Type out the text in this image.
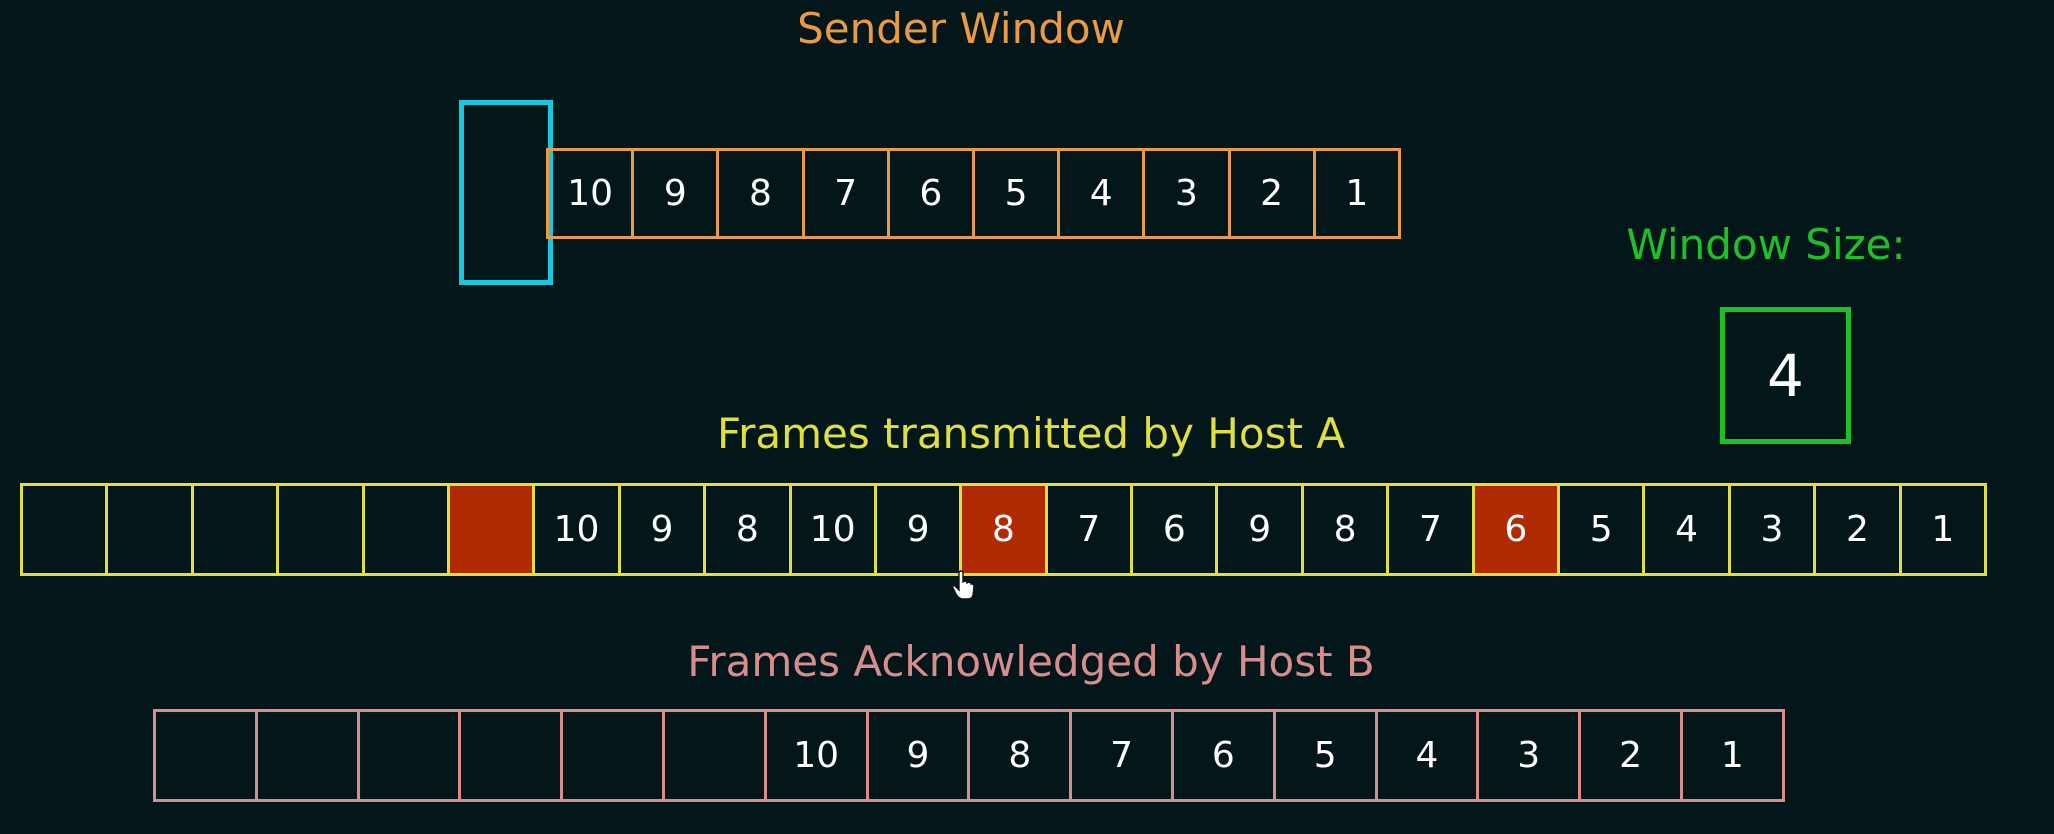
Sender Window
10	9	8	7	6	5	4	3	2	1
Window Size:
4
Frames transmitted by Host A
10	9	8	10	9	8	7	6	9	8	7	6	5	4	3	2	1
Frames Acknowledged by Host B
10	9	8	7	6	5	4	3	2	1
